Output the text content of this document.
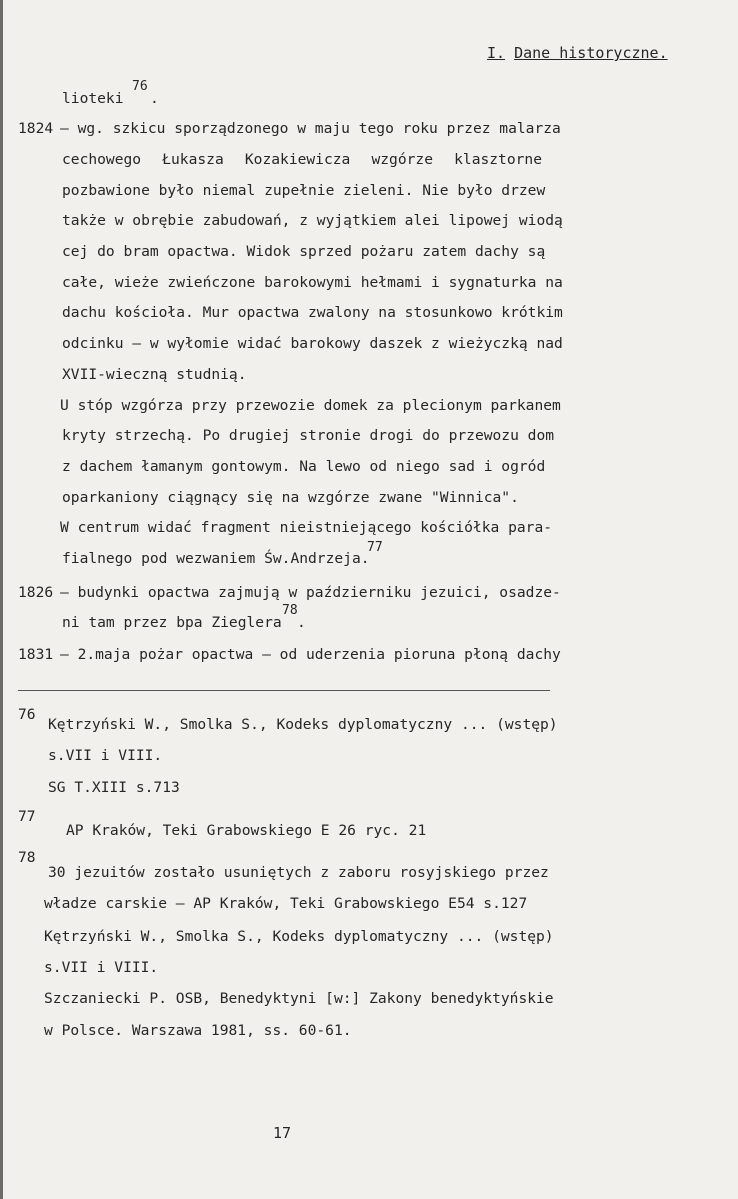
I. Dane historyczne.
lioteki
76
.
1824 – wg. szkicu sporządzonego w maju tego roku przez malarza
cechowego Łukasza Kozakiewicza wzgórze klasztorne
pozbawione było niemal zupełnie zieleni. Nie było drzew
także w obrębie zabudowań, z wyjątkiem alei lipowej wiodą
cej do bram opactwa. Widok sprzed pożaru zatem dachy są
całe, wieże zwieńczone barokowymi hełmami i sygnaturka na
dachu kościoła. Mur opactwa zwalony na stosunkowo krótkim
odcinku – w wyłomie widać barokowy daszek z wieżyczką nad
XVII-wieczną studnią.
U stóp wzgórza przy przewozie domek za plecionym parkanem
kryty strzechą. Po drugiej stronie drogi do przewozu dom
z dachem łamanym gontowym. Na lewo od niego sad i ogród
oparkaniony ciągnący się na wzgórze zwane "Winnica".
W centrum widać fragment nieistniejącego kościółka para-
fialnego pod wezwaniem Św.Andrzeja.
77
1826 – budynki opactwa zajmują w październiku jezuici, osadze-
ni tam przez bpa Zieglera
78
.
1831 – 2.maja pożar opactwa – od uderzenia pioruna płoną dachy
76
Kętrzyński W., Smolka S., Kodeks dyplomatyczny ... (wstęp)
s.VII i VIII.
SG T.XIII s.713
77
AP Kraków, Teki Grabowskiego E 26 ryc. 21
78
30 jezuitów zostało usuniętych z zaboru rosyjskiego przez
władze carskie – AP Kraków, Teki Grabowskiego E54 s.127
Kętrzyński W., Smolka S., Kodeks dyplomatyczny ... (wstęp)
s.VII i VIII.
Szczaniecki P. OSB, Benedyktyni [w:] Zakony benedyktyńskie
w Polsce. Warszawa 1981, ss. 60-61.
17
